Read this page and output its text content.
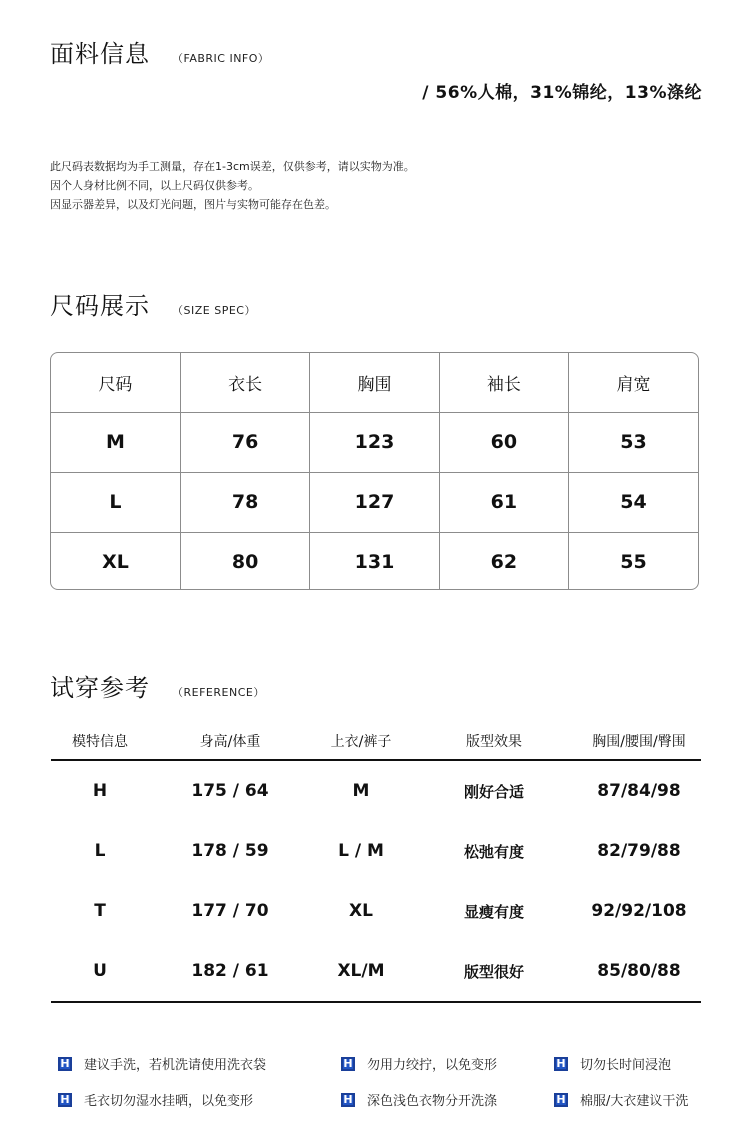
面料信息 （FABRIC INFO）
/ 56%人棉，31%锦纶，13%涤纶
此尺码表数据均为手工测量，存在1-3cm误差，仅供参考，请以实物为准。
因个人身材比例不同，以上尺码仅供参考。
因显示器差异，以及灯光问题，图片与实物可能存在色差。
尺码展示 （SIZE SPEC）
尺码	衣长	胸围	袖长	肩宽
M	76	123	60	53
L	78	127	61	54
XL	80	131	62	55
试穿参考 （REFERENCE）
模特信息	身高/体重	上衣/裤子	版型效果	胸围/腰围/臀围
H	175 / 64	M	刚好合适	87/84/98
L	178 / 59	L / M	松弛有度	82/79/88
T	177 / 70	XL	显瘦有度	92/92/108
U	182 / 61	XL/M	版型很好	85/80/88
H 建议手洗，若机洗请使用洗衣袋	H 勿用力绞拧，以免变形	H 切勿长时间浸泡
H 毛衣切勿湿水挂晒，以免变形	H 深色浅色衣物分开洗涤	H 棉服/大衣建议干洗
